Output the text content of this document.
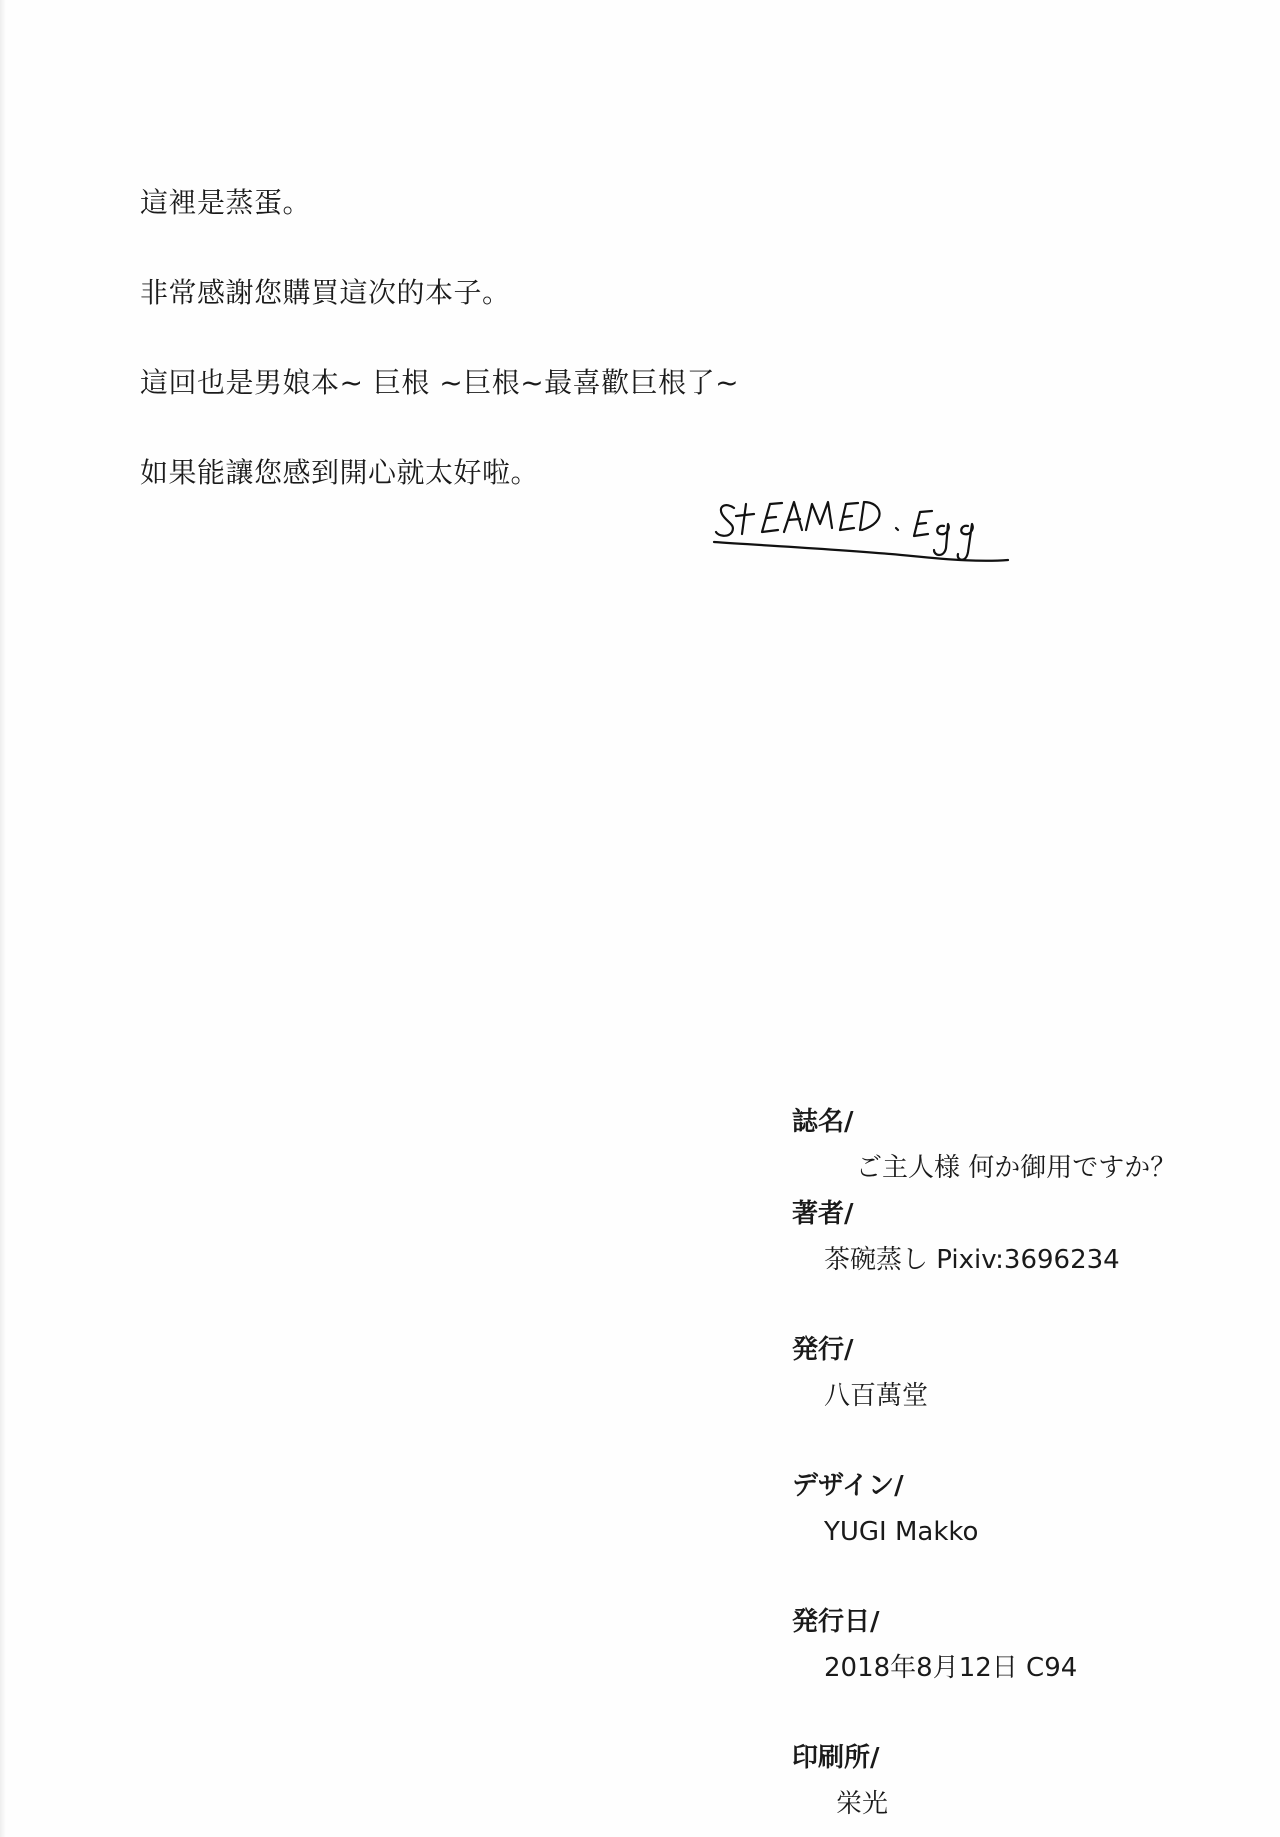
這裡是蒸蛋。
非常感謝您購買這次的本子。
這回也是男娘本~ 巨根 ~巨根~最喜歡巨根了~
如果能讓您感到開心就太好啦。
誌名/
ご主人様 何か御用ですか？
著者/
茶碗蒸し Pixiv:3696234
発行/
八百萬堂
デザイン/
YUGI Makko
発行日/
2018年8月12日 C94
印刷所/
栄光
